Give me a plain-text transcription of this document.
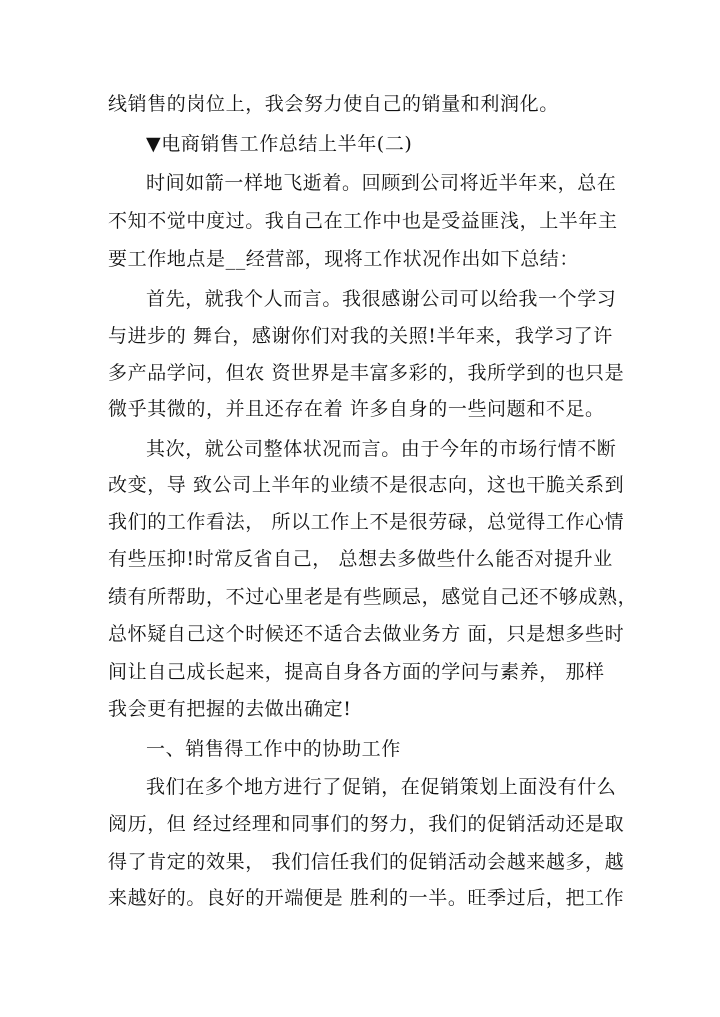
线销售的岗位上，我会努力使自己的销量和利润化。
▼电商销售工作总结上半年(二)
时间如箭一样地飞逝着。回顾到公司将近半年来，总在
不知不觉中度过。我自己在工作中也是受益匪浅，上半年主
要工作地点是__经营部，现将工作状况作出如下总结：
首先，就我个人而言。我很感谢公司可以给我一个学习
与进步的 舞台，感谢你们对我的关照!半年来，我学习了许
多产品学问，但农 资世界是丰富多彩的，我所学到的也只是
微乎其微的，并且还存在着 许多自身的一些问题和不足。
其次，就公司整体状况而言。由于今年的市场行情不断
改变，导 致公司上半年的业绩不是很志向，这也干脆关系到
我们的工作看法， 所以工作上不是很劳碌，总觉得工作心情
有些压抑!时常反省自己， 总想去多做些什么能否对提升业
绩有所帮助，不过心里老是有些顾忌，感觉自己还不够成熟，
总怀疑自己这个时候还不适合去做业务方 面，只是想多些时
间让自己成长起来，提高自身各方面的学问与素养， 那样
我会更有把握的去做出确定!
一、销售得工作中的协助工作
我们在多个地方进行了促销，在促销策划上面没有什么
阅历，但 经过经理和同事们的努力，我们的促销活动还是取
得了肯定的效果， 我们信任我们的促销活动会越来越多，越
来越好的。良好的开端便是 胜利的一半。旺季过后，把工作
